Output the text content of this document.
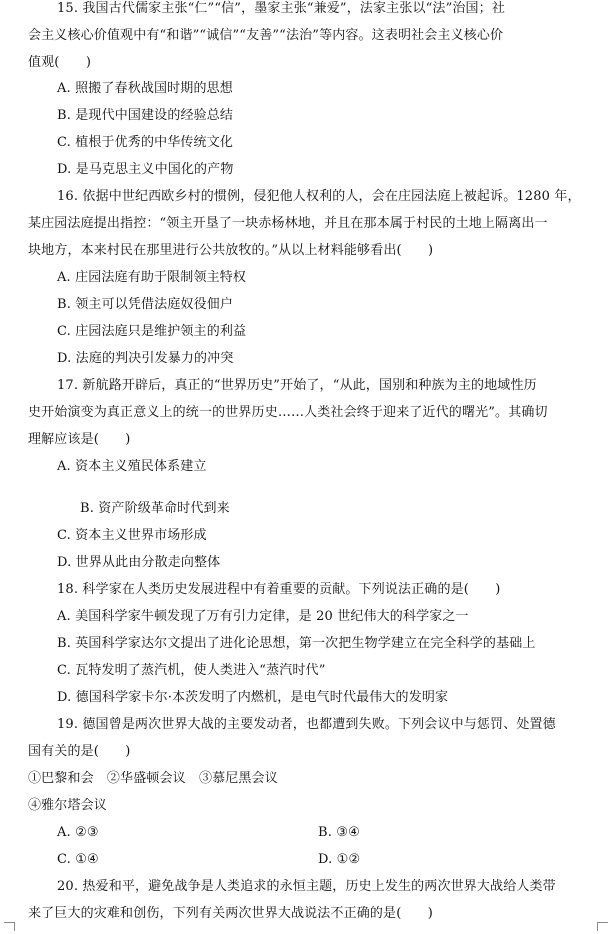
15. 我国古代儒家主张“仁”“信”，墨家主张“兼爱”，法家主张以“法”治国；社
会主义核心价值观中有“和谐”“诚信”“友善”“法治”等内容。这表明社会主义核心价
值观(　　)
A. 照搬了春秋战国时期的思想
B. 是现代中国建设的经验总结
C. 植根于优秀的中华传统文化
D. 是马克思主义中国化的产物
16. 依据中世纪西欧乡村的惯例，侵犯他人权利的人，会在庄园法庭上被起诉。1280 年，
某庄园法庭提出指控：“领主开垦了一块赤杨林地，并且在那本属于村民的土地上隔离出一
块地方，本来村民在那里进行公共放牧的。”从以上材料能够看出(　　)
A. 庄园法庭有助于限制领主特权
B. 领主可以凭借法庭奴役佃户
C. 庄园法庭只是维护领主的利益
D. 法庭的判决引发暴力的冲突
17. 新航路开辟后，真正的“世界历史”开始了，“从此，国别和种族为主的地域性历
史开始演变为真正意义上的统一的世界历史……人类社会终于迎来了近代的曙光”。其确切
理解应该是(　　)
A. 资本主义殖民体系建立
B. 资产阶级革命时代到来
C. 资本主义世界市场形成
D. 世界从此由分散走向整体
18. 科学家在人类历史发展进程中有着重要的贡献。下列说法正确的是(　　)
A. 美国科学家牛顿发现了万有引力定律，是 20 世纪伟大的科学家之一
B. 英国科学家达尔文提出了进化论思想，第一次把生物学建立在完全科学的基础上
C. 瓦特发明了蒸汽机，使人类进入“蒸汽时代”
D. 德国科学家卡尔·本茨发明了内燃机，是电气时代最伟大的发明家
19. 德国曾是两次世界大战的主要发动者，也都遭到失败。下列会议中与惩罚、处置德
国有关的是(　　)
①巴黎和会　②华盛顿会议　③慕尼黑会议
④雅尔塔会议
A. ②③	B. ③④
C. ①④	D. ①②
20. 热爱和平，避免战争是人类追求的永恒主题，历史上发生的两次世界大战给人类带
来了巨大的灾难和创伤，下列有关两次世界大战说法不正确的是(　　)
